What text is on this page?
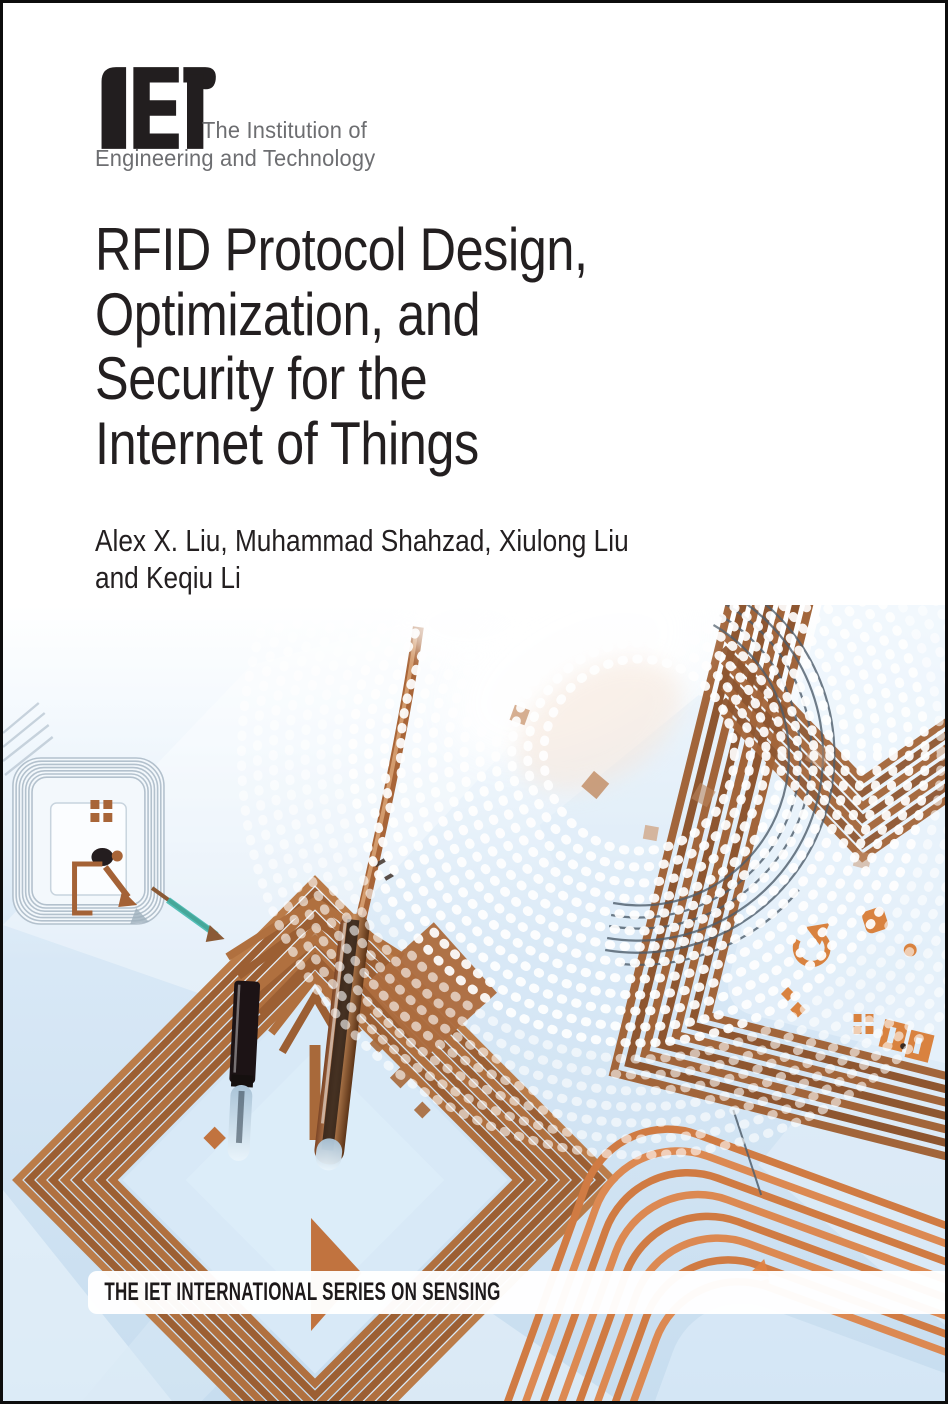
The Institution of
Engineering and Technology
RFID Protocol Design,
Optimization, and
Security for the
Internet of Things
Alex X. Liu, Muhammad Shahzad, Xiulong Liu
and Keqiu Li
THE IET INTERNATIONAL SERIES ON SENSING
